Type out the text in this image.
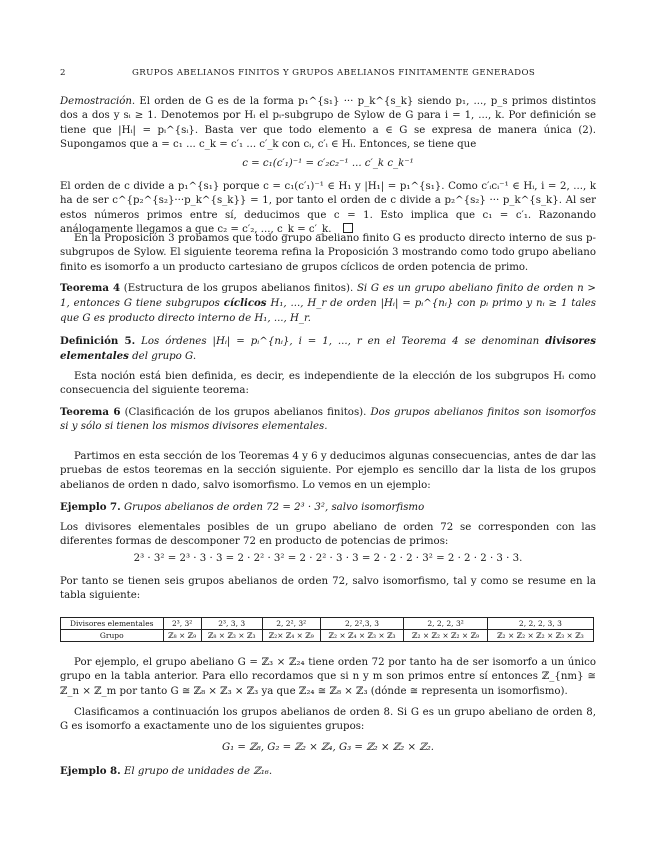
2	GRUPOS ABELIANOS FINITOS Y GRUPOS ABELIANOS FINITAMENTE GENERADOS
Demostración. El orden de G es de la forma p₁^{s₁} ··· p_k^{s_k} siendo p₁, ..., p_s primos distintos dos a dos y sᵢ ≥ 1. Denotemos por Hᵢ el pᵢ-subgrupo de Sylow de G para i = 1, ..., k. Por definición se tiene que |Hᵢ| = pᵢ^{sᵢ}. Basta ver que todo elemento a ∈ G se expresa de manera única (2). Supongamos que a = c₁ ... c_k = c′₁ ... c′_k con cᵢ, c′ᵢ ∈ Hᵢ. Entonces, se tiene que
c = c₁(c′₁)⁻¹ = c′₂c₂⁻¹ ... c′_k c_k⁻¹
El orden de c divide a p₁^{s₁} porque c = c₁(c′₁)⁻¹ ∈ H₁ y |H₁| = p₁^{s₁}. Como c′ᵢcᵢ⁻¹ ∈ Hᵢ, i = 2, ..., k ha de ser c^{p₂^{s₂}···p_k^{s_k}} = 1, por tanto el orden de c divide a p₂^{s₂} ··· p_k^{s_k}. Al ser estos números primos entre sí, deducimos que c = 1. Esto implica que c₁ = c′₁. Razonando análogamente llegamos a que c₂ = c′₂, ..., c_k = c′_k.
En la Proposición 3 probamos que todo grupo abeliano finito G es producto directo interno de sus p-subgrupos de Sylow. El siguiente teorema refina la Proposición 3 mostrando como todo grupo abeliano finito es isomorfo a un producto cartesiano de grupos cíclicos de orden potencia de primo.
Teorema 4 (Estructura de los grupos abelianos finitos). Si G es un grupo abeliano finito de orden n > 1, entonces G tiene subgrupos cíclicos H₁, ..., H_r de orden |Hᵢ| = pᵢ^{nᵢ} con pᵢ primo y nᵢ ≥ 1 tales que G es producto directo interno de H₁, ..., H_r.
Definición 5. Los órdenes |Hᵢ| = pᵢ^{nᵢ}, i = 1, ..., r en el Teorema 4 se denominan divisores elementales del grupo G.
Esta noción está bien definida, es decir, es independiente de la elección de los subgrupos Hᵢ como consecuencia del siguiente teorema:
Teorema 6 (Clasificación de los grupos abelianos finitos). Dos grupos abelianos finitos son isomorfos si y sólo si tienen los mismos divisores elementales.
Partimos en esta sección de los Teoremas 4 y 6 y deducimos algunas consecuencias, antes de dar las pruebas de estos teoremas en la sección siguiente. Por ejemplo es sencillo dar la lista de los grupos abelianos de orden n dado, salvo isomorfismo. Lo vemos en un ejemplo:
Ejemplo 7. Grupos abelianos de orden 72 = 2³ · 3², salvo isomorfismo
Los divisores elementales posibles de un grupo abeliano de orden 72 se corresponden con las diferentes formas de descomponer 72 en producto de potencias de primos:
2³ · 3² = 2³ · 3 · 3 = 2 · 2² · 3² = 2 · 2² · 3 · 3 = 2 · 2 · 2 · 3² = 2 · 2 · 2 · 3 · 3.
Por tanto se tienen seis grupos abelianos de orden 72, salvo isomorfismo, tal y como se resume en la tabla siguiente:
Divisores elementales	2³, 3²	2³, 3, 3	2, 2², 3²	2, 2²,3, 3	2, 2, 2, 3²	2, 2, 2, 3, 3
Grupo	ℤ₈ × ℤ₉	ℤ₈ × ℤ₃ × ℤ₃	ℤ₂× ℤ₄ × ℤ₉	ℤ₂ × ℤ₄ × ℤ₃ × ℤ₃	ℤ₂ × ℤ₂ × ℤ₂ × ℤ₉	ℤ₂ × ℤ₂ × ℤ₂ × ℤ₃ × ℤ₃
Por ejemplo, el grupo abeliano G = ℤ₃ × ℤ₂₄ tiene orden 72 por tanto ha de ser isomorfo a un único grupo en la tabla anterior. Para ello recordamos que si n y m son primos entre sí entonces ℤ_{nm} ≅ ℤ_n × ℤ_m por tanto G ≅ ℤ₈ × ℤ₃ × ℤ₃ ya que ℤ₂₄ ≅ ℤ₈ × ℤ₃ (dónde ≅ representa un isomorfismo).
Clasificamos a continuación los grupos abelianos de orden 8. Si G es un grupo abeliano de orden 8, G es isomorfo a exactamente uno de los siguientes grupos:
G₁ = ℤ₈, G₂ = ℤ₂ × ℤ₄, G₃ = ℤ₂ × ℤ₂ × ℤ₂.
Ejemplo 8. El grupo de unidades de ℤ₁₆.
